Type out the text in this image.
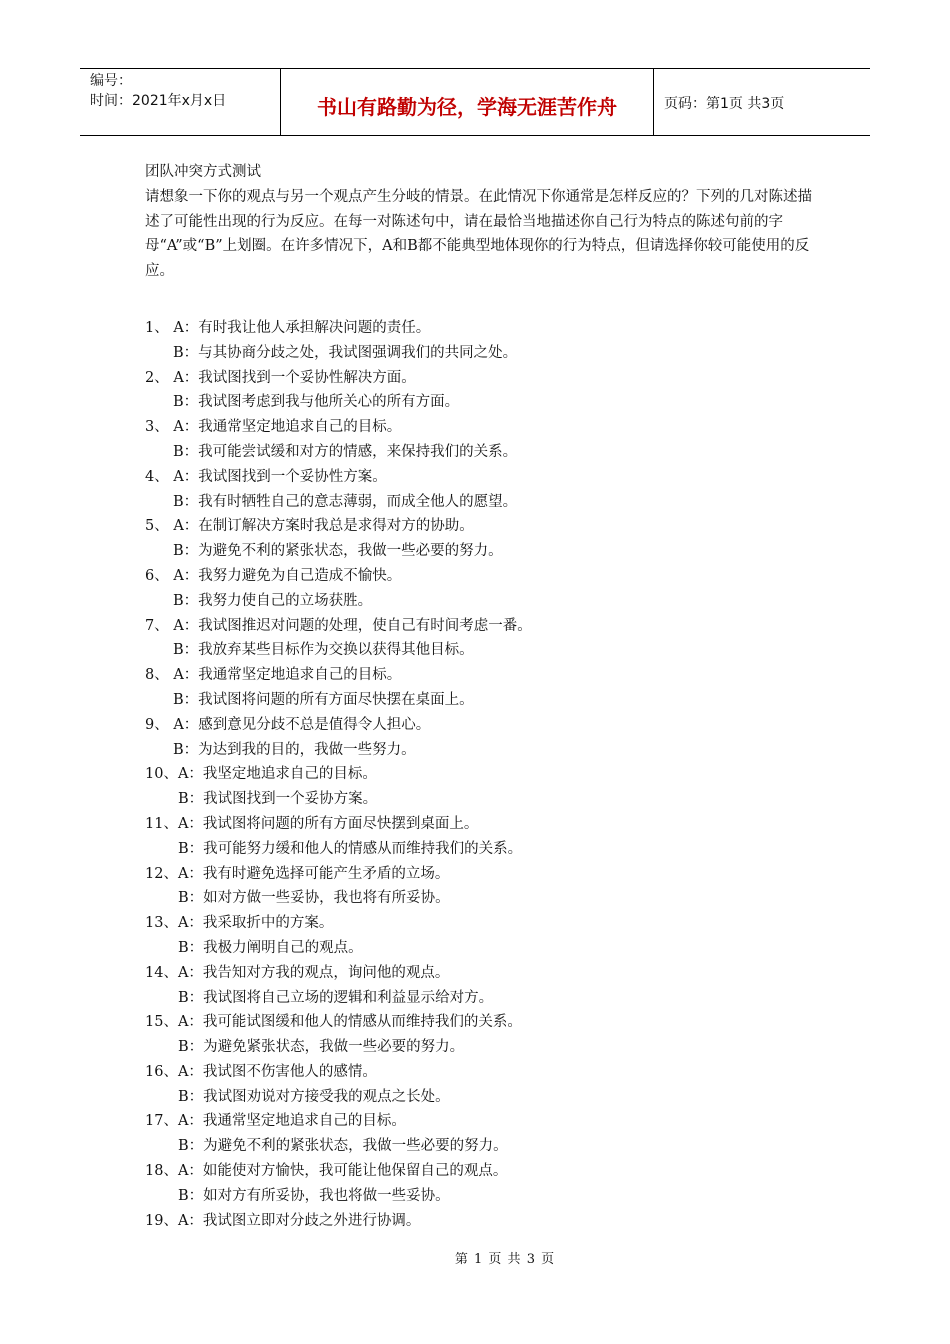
编号：
时间：2021年x月x日	书山有路勤为径，学海无涯苦作舟	页码：第1页 共3页

团队冲突方式测试

请想象一下你的观点与另一个观点产生分岐的情景。在此情况下你通常是怎样反应的？下列的几对陈述描述了可能性出现的行为反应。在每一对陈述句中，请在最恰当地描述你自己行为特点的陈述句前的字母“A”或“B”上划圈。在许多情况下，A和B都不能典型地体现你的行为特点，但请选择你较可能使用的反应。

1、 A：有时我让他人承担解决问题的责任。

B：与其协商分歧之处，我试图强调我们的共同之处。

2、 A：我试图找到一个妥协性解决方面。

B：我试图考虑到我与他所关心的所有方面。

3、 A：我通常坚定地追求自己的目标。

B：我可能尝试缓和对方的情感，来保持我们的关系。

4、 A：我试图找到一个妥协性方案。

B：我有时牺牲自己的意志薄弱，而成全他人的愿望。

5、 A：在制订解决方案时我总是求得对方的协助。

B：为避免不利的紧张状态，我做一些必要的努力。

6、 A：我努力避免为自己造成不愉快。

B：我努力使自己的立场获胜。

7、 A：我试图推迟对问题的处理，使自己有时间考虑一番。

B：我放弃某些目标作为交换以获得其他目标。

8、 A：我通常坚定地追求自己的目标。

B：我试图将问题的所有方面尽快摆在桌面上。

9、 A：感到意见分歧不总是值得令人担心。

B：为达到我的目的，我做一些努力。

10、A：我坚定地追求自己的目标。

B：我试图找到一个妥协方案。

11、A：我试图将问题的所有方面尽快摆到桌面上。

B：我可能努力缓和他人的情感从而维持我们的关系。

12、A：我有时避免选择可能产生矛盾的立场。

B：如对方做一些妥协，我也将有所妥协。

13、A：我采取折中的方案。

B：我极力阐明自己的观点。

14、A：我告知对方我的观点，询问他的观点。

B：我试图将自己立场的逻辑和利益显示给对方。

15、A：我可能试图缓和他人的情感从而维持我们的关系。

B：为避免紧张状态，我做一些必要的努力。

16、A：我试图不伤害他人的感情。

B：我试图劝说对方接受我的观点之长处。

17、A：我通常坚定地追求自己的目标。

B：为避免不利的紧张状态，我做一些必要的努力。

18、A：如能使对方愉快，我可能让他保留自己的观点。

B：如对方有所妥协，我也将做一些妥协。

19、A：我试图立即对分歧之外进行协调。

第 1 页 共 3 页
